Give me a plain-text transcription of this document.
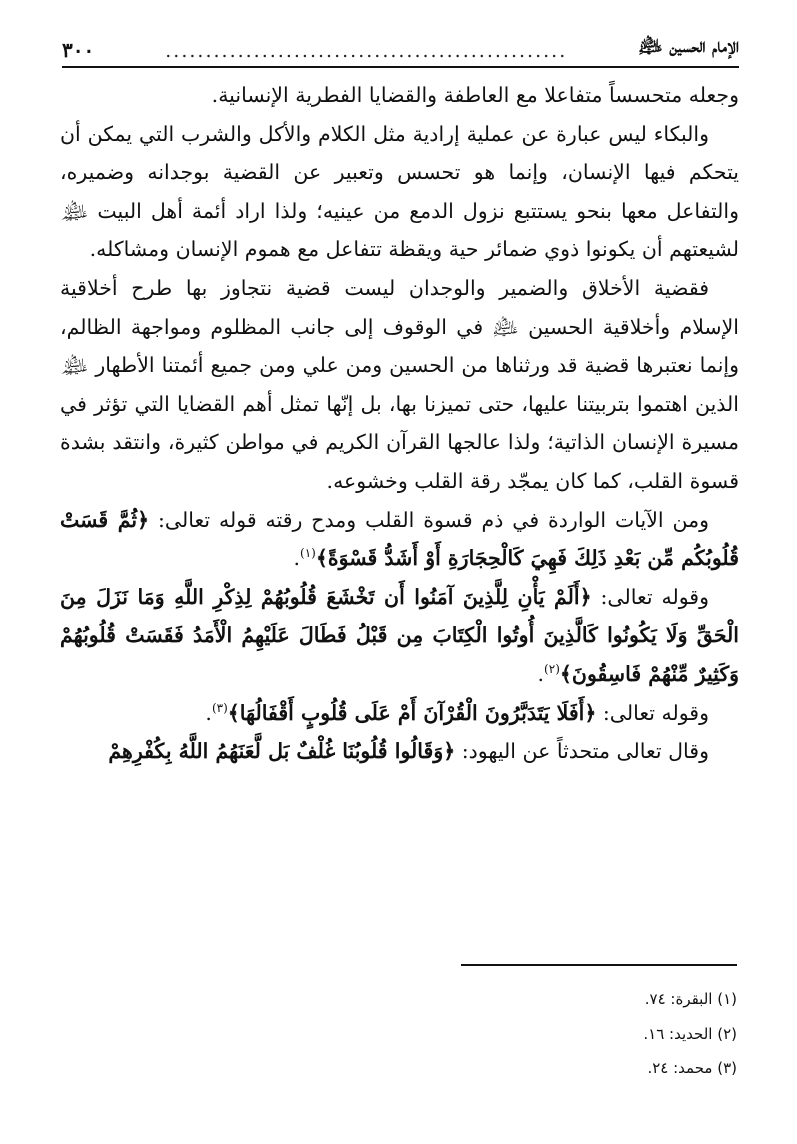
الإمام الحسين ﵇
..................................................
٣٠٠

وجعله متحسساً متفاعلا مع العاطفة والقضايا الفطرية الإنسانية.

والبكاء ليس عبارة عن عملية إرادية مثل الكلام والأكل والشرب التي يمكن أن يتحكم فيها الإنسان، وإنما هو تحسس وتعبير عن القضية بوجدانه وضميره، والتفاعل معها بنحو يستتبع نزول الدمع من عينيه؛ ولذا اراد أئمة أهل البيت ﵈ لشيعتهم أن يكونوا ذوي ضمائر حية ويقظة تتفاعل مع هموم الإنسان ومشاكله.

فقضية الأخلاق والضمير والوجدان ليست قضية نتجاوز بها طرح أخلاقية الإسلام وأخلاقية الحسين ﵇ في الوقوف إلى جانب المظلوم ومواجهة الظالم، وإنما نعتبرها قضية قد ورثناها من الحسين ومن علي ومن جميع أئمتنا الأطهار ﵈ الذين اهتموا بتربيتنا عليها، حتى تميزنا بها، بل إنّها تمثل أهم القضايا التي تؤثر في مسيرة الإنسان الذاتية؛ ولذا عالجها القرآن الكريم في مواطن كثيرة، وانتقد بشدة قسوة القلب، كما كان يمجّد رقة القلب وخشوعه.

ومن الآيات الواردة في ذم قسوة القلب ومدح رقته قوله تعالى: ﴿ثُمَّ قَسَتْ قُلُوبُكُم مِّن بَعْدِ ذَلِكَ فَهِيَ كَالْحِجَارَةِ أَوْ أَشَدُّ قَسْوَةً﴾$^{(١)}$.

وقوله تعالى: ﴿أَلَمْ يَأْنِ لِلَّذِينَ آمَنُوا أَن تَخْشَعَ قُلُوبُهُمْ لِذِكْرِ اللَّهِ وَمَا نَزَلَ مِنَ الْحَقِّ وَلَا يَكُونُوا كَالَّذِينَ أُوتُوا الْكِتَابَ مِن قَبْلُ فَطَالَ عَلَيْهِمُ الْأَمَدُ فَقَسَتْ قُلُوبُهُمْ وَكَثِيرٌ مِّنْهُمْ فَاسِقُونَ﴾$^{(٢)}$.

وقوله تعالى: ﴿أَفَلَا يَتَدَبَّرُونَ الْقُرْآنَ أَمْ عَلَى قُلُوبٍ أَقْفَالُهَا﴾$^{(٣)}$.

وقال تعالى متحدثاً عن اليهود: ﴿وَقَالُوا قُلُوبُنَا غُلْفٌ بَل لَّعَنَهُمُ اللَّهُ بِكُفْرِهِمْ

(١) البقرة: ٧٤.
(٢) الحديد: ١٦.
(٣) محمد: ٢٤.
